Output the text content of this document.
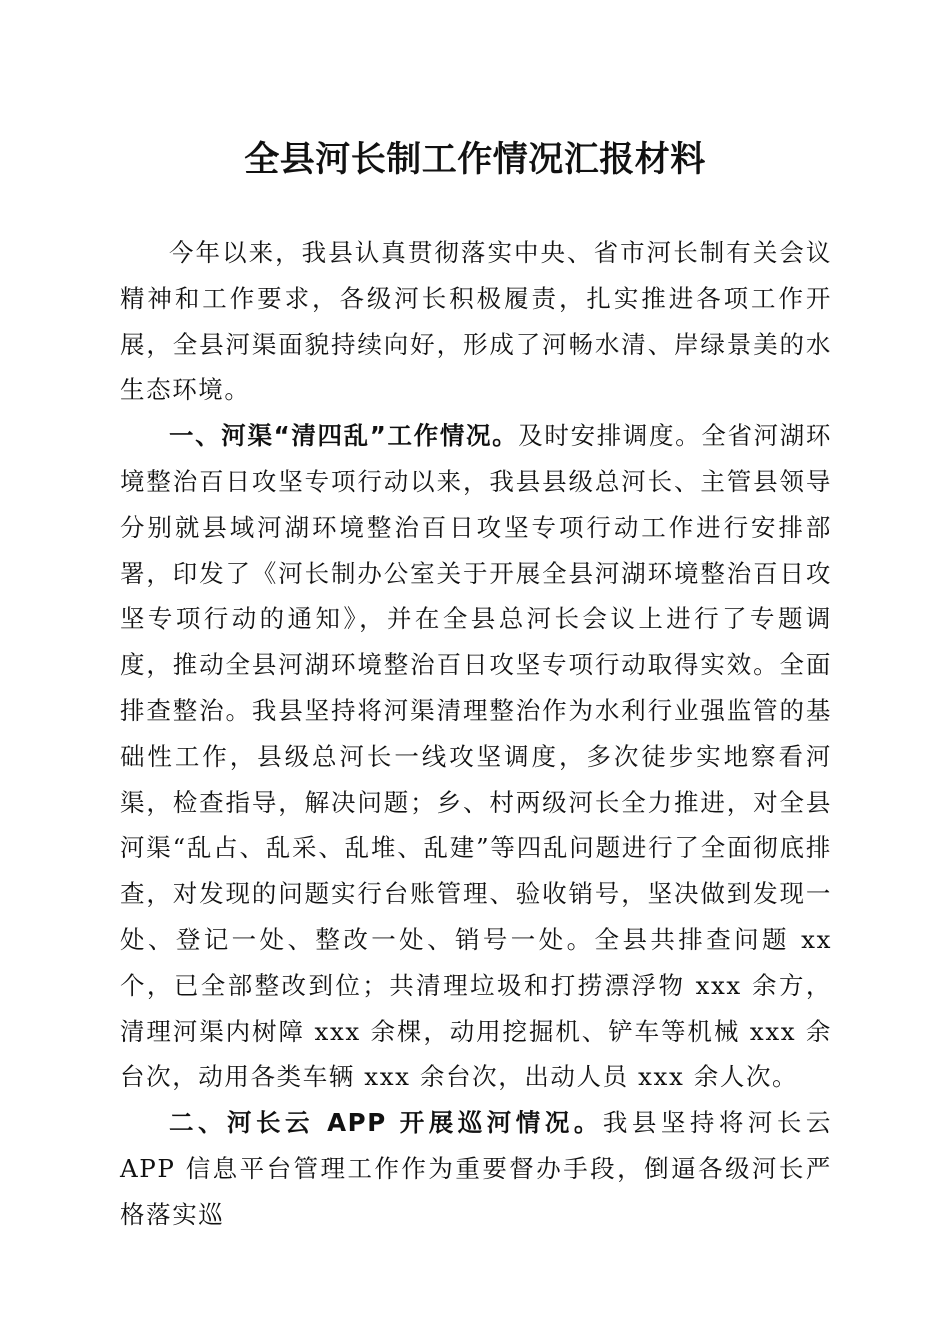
全县河长制工作情况汇报材料

今年以来，我县认真贯彻落实中央、省市河长制有关会议精神和工作要求，各级河长积极履责，扎实推进各项工作开展，全县河渠面貌持续向好，形成了河畅水清、岸绿景美的水生态环境。

一、河渠“清四乱”工作情况。及时安排调度。全省河湖环境整治百日攻坚专项行动以来，我县县级总河长、主管县领导分别就县域河湖环境整治百日攻坚专项行动工作进行安排部署，印发了《河长制办公室关于开展全县河湖环境整治百日攻坚专项行动的通知》，并在全县总河长会议上进行了专题调度，推动全县河湖环境整治百日攻坚专项行动取得实效。全面排查整治。我县坚持将河渠清理整治作为水利行业强监管的基础性工作，县级总河长一线攻坚调度，多次徒步实地察看河渠，检查指导，解决问题；乡、村两级河长全力推进，对全县河渠“乱占、乱采、乱堆、乱建”等四乱问题进行了全面彻底排查，对发现的问题实行台账管理、验收销号，坚决做到发现一处、登记一处、整改一处、销号一处。全县共排查问题 xx 个，已全部整改到位；共清理垃圾和打捞漂浮物 xxx 余方，清理河渠内树障 xxx 余棵，动用挖掘机、铲车等机械 xxx 余台次，动用各类车辆 xxx 余台次，出动人员 xxx 余人次。

二、河长云 APP 开展巡河情况。我县坚持将河长云 APP 信息平台管理工作作为重要督办手段，倒逼各级河长严格落实巡
